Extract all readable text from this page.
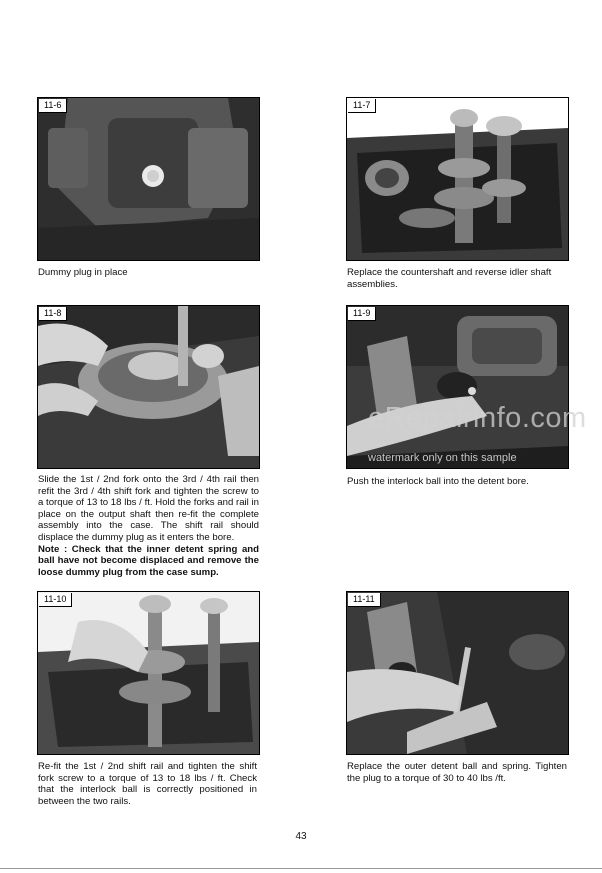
11-6
Dummy plug in place
11-7
Replace the countershaft and reverse idler shaft assemblies.
11-8
Slide the 1st / 2nd fork onto the 3rd / 4th rail then refit the 3rd / 4th shift fork and tighten the screw to a torque of 13 to 18 lbs / ft. Hold the forks and rail in place on the output shaft then re-fit the complete assembly into the case. The shift rail should displace the dummy plug as it enters the bore.
Note : Check that the inner detent spring and ball have not become displaced and remove the loose dummy plug from the case sump.
11-9
Push the interlock ball into the detent bore.
11-10
Re-fit the 1st / 2nd shift rail and tighten the shift fork screw to a torque of 13 to 18 lbs / ft. Check that the interlock ball is correctly positioned in between the two rails.
11-11
Replace the outer detent ball and spring. Tighten the plug to a torque of 30 to 40 lbs /ft.
eRepairinfo.com
watermark only on this sample
43
